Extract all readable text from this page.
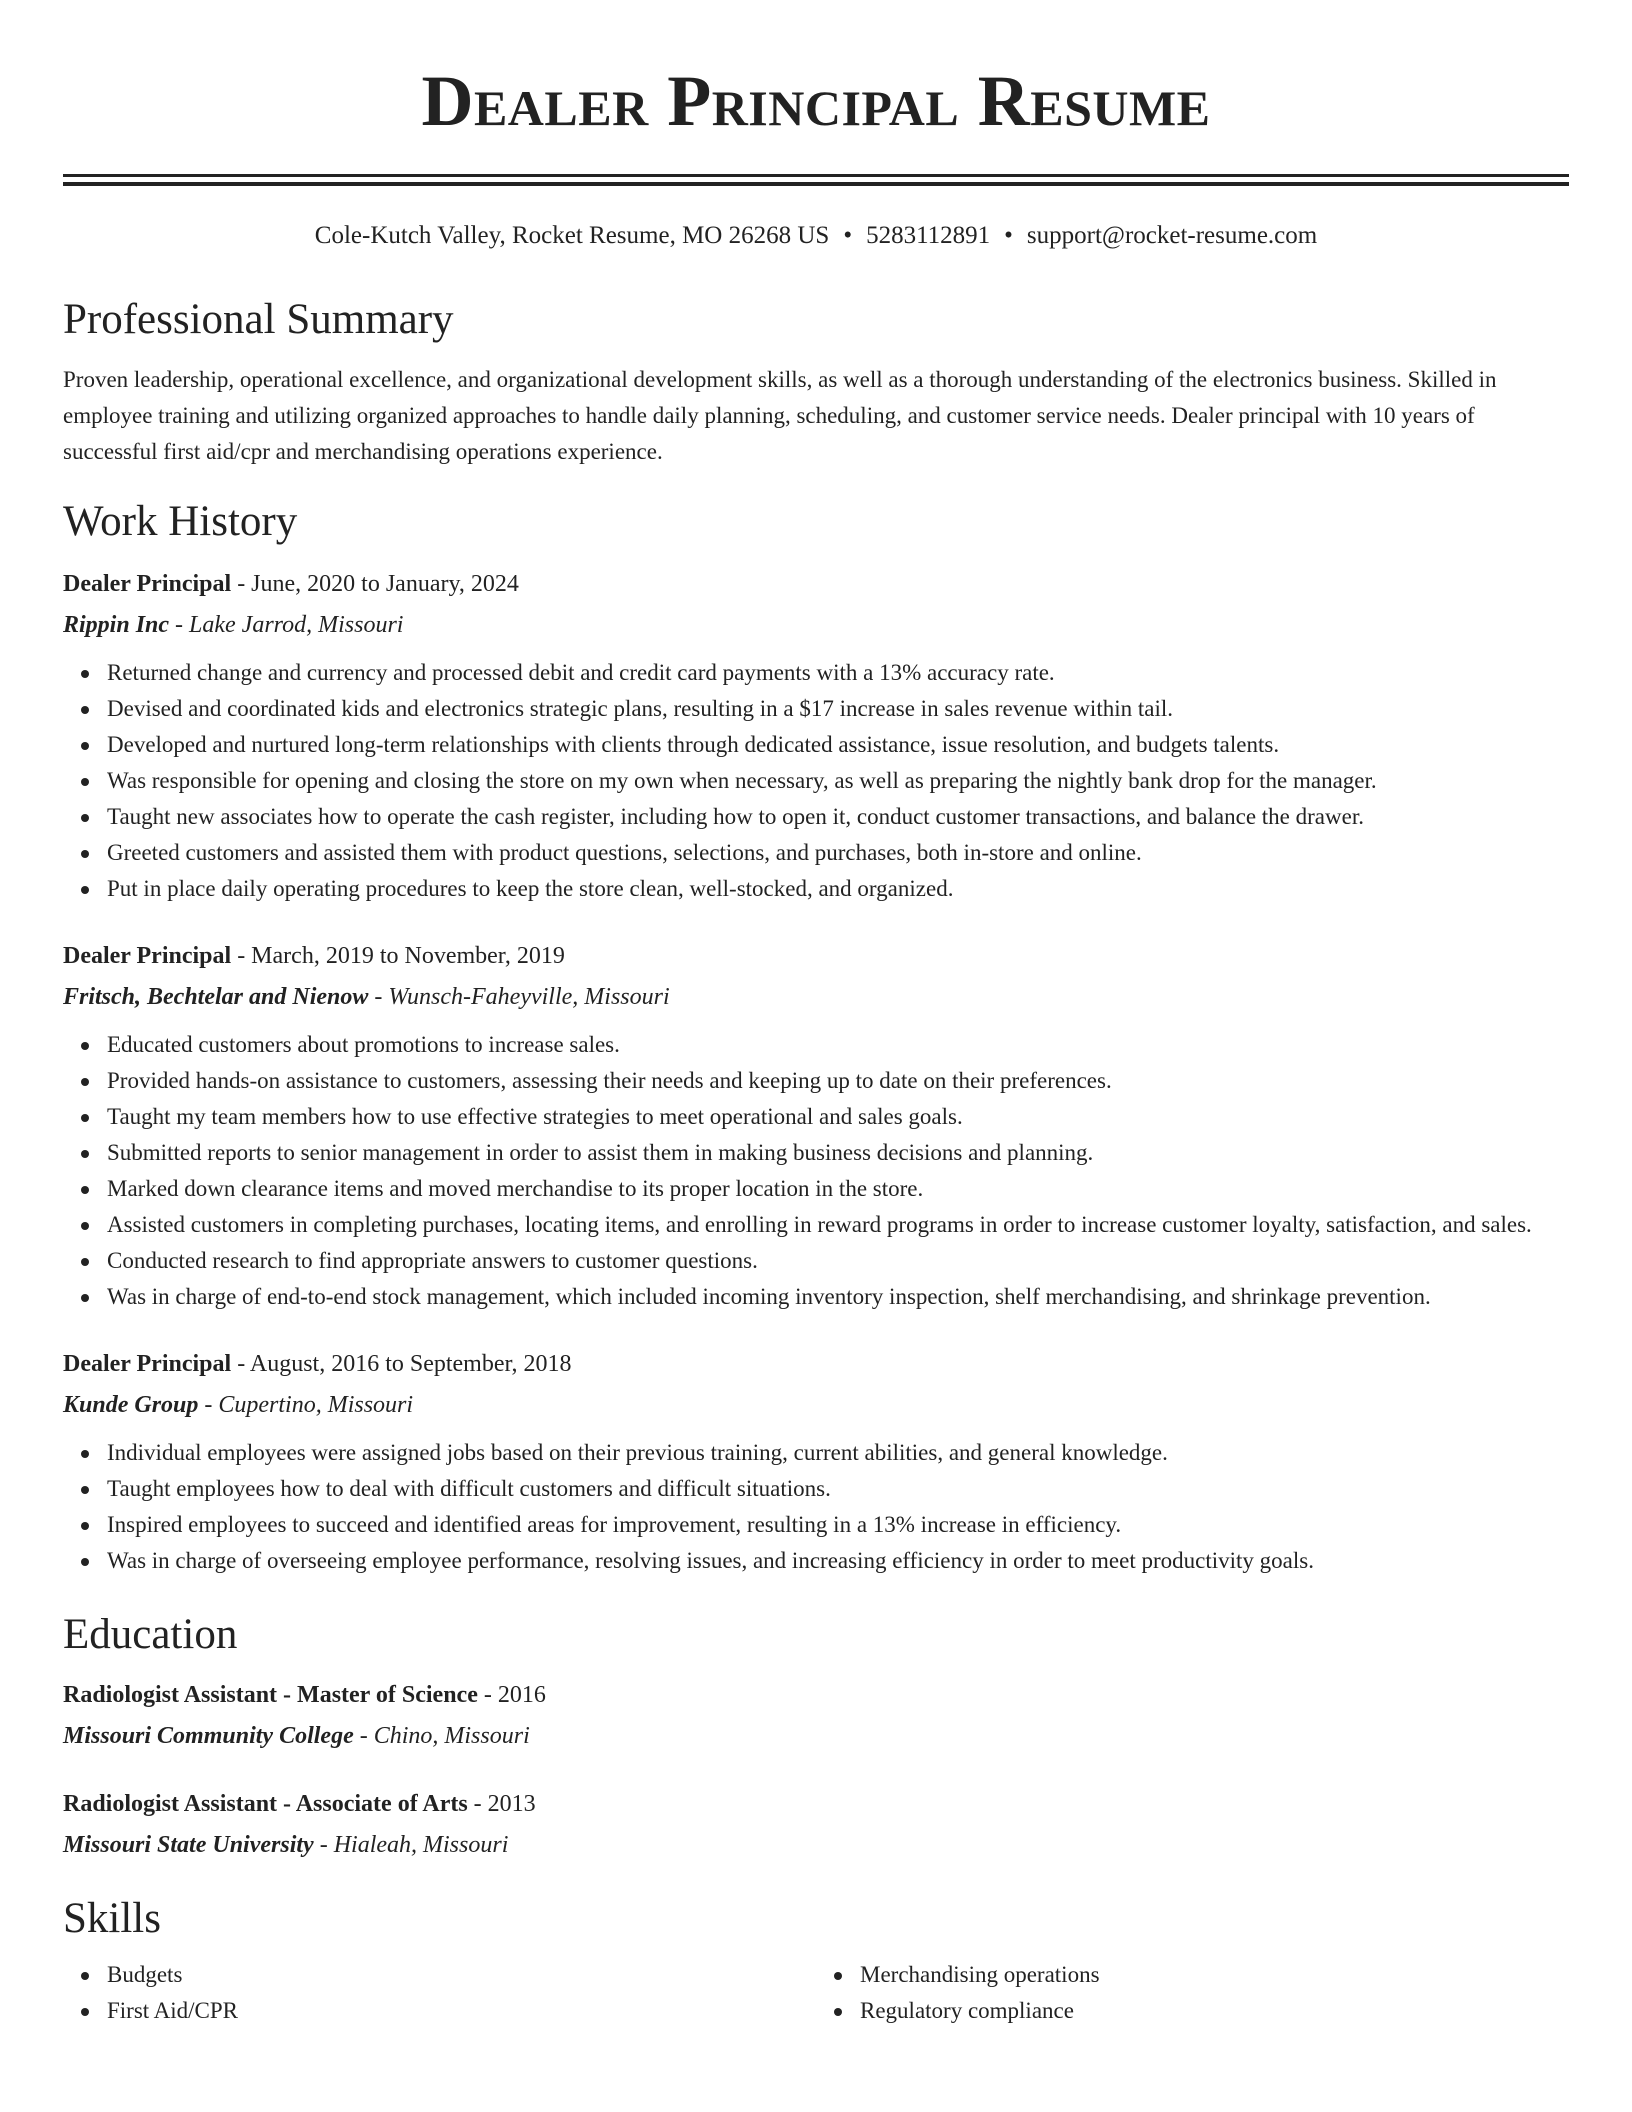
Dealer Principal Resume
Cole-Kutch Valley, Rocket Resume, MO 26268 US • 5283112891 • support@rocket-resume.com
Professional Summary
Proven leadership, operational excellence, and organizational development skills, as well as a thorough understanding of the electronics business. Skilled in employee training and utilizing organized approaches to handle daily planning, scheduling, and customer service needs. Dealer principal with 10 years of successful first aid/cpr and merchandising operations experience.
Work History
Dealer Principal - June, 2020 to January, 2024
Rippin Inc - Lake Jarrod, Missouri
Returned change and currency and processed debit and credit card payments with a 13% accuracy rate.
Devised and coordinated kids and electronics strategic plans, resulting in a $17 increase in sales revenue within tail.
Developed and nurtured long-term relationships with clients through dedicated assistance, issue resolution, and budgets talents.
Was responsible for opening and closing the store on my own when necessary, as well as preparing the nightly bank drop for the manager.
Taught new associates how to operate the cash register, including how to open it, conduct customer transactions, and balance the drawer.
Greeted customers and assisted them with product questions, selections, and purchases, both in-store and online.
Put in place daily operating procedures to keep the store clean, well-stocked, and organized.
Dealer Principal - March, 2019 to November, 2019
Fritsch, Bechtelar and Nienow - Wunsch-Faheyville, Missouri
Educated customers about promotions to increase sales.
Provided hands-on assistance to customers, assessing their needs and keeping up to date on their preferences.
Taught my team members how to use effective strategies to meet operational and sales goals.
Submitted reports to senior management in order to assist them in making business decisions and planning.
Marked down clearance items and moved merchandise to its proper location in the store.
Assisted customers in completing purchases, locating items, and enrolling in reward programs in order to increase customer loyalty, satisfaction, and sales.
Conducted research to find appropriate answers to customer questions.
Was in charge of end-to-end stock management, which included incoming inventory inspection, shelf merchandising, and shrinkage prevention.
Dealer Principal - August, 2016 to September, 2018
Kunde Group - Cupertino, Missouri
Individual employees were assigned jobs based on their previous training, current abilities, and general knowledge.
Taught employees how to deal with difficult customers and difficult situations.
Inspired employees to succeed and identified areas for improvement, resulting in a 13% increase in efficiency.
Was in charge of overseeing employee performance, resolving issues, and increasing efficiency in order to meet productivity goals.
Education
Radiologist Assistant - Master of Science - 2016
Missouri Community College - Chino, Missouri
Radiologist Assistant - Associate of Arts - 2013
Missouri State University - Hialeah, Missouri
Skills
Budgets
First Aid/CPR
Merchandising operations
Regulatory compliance
